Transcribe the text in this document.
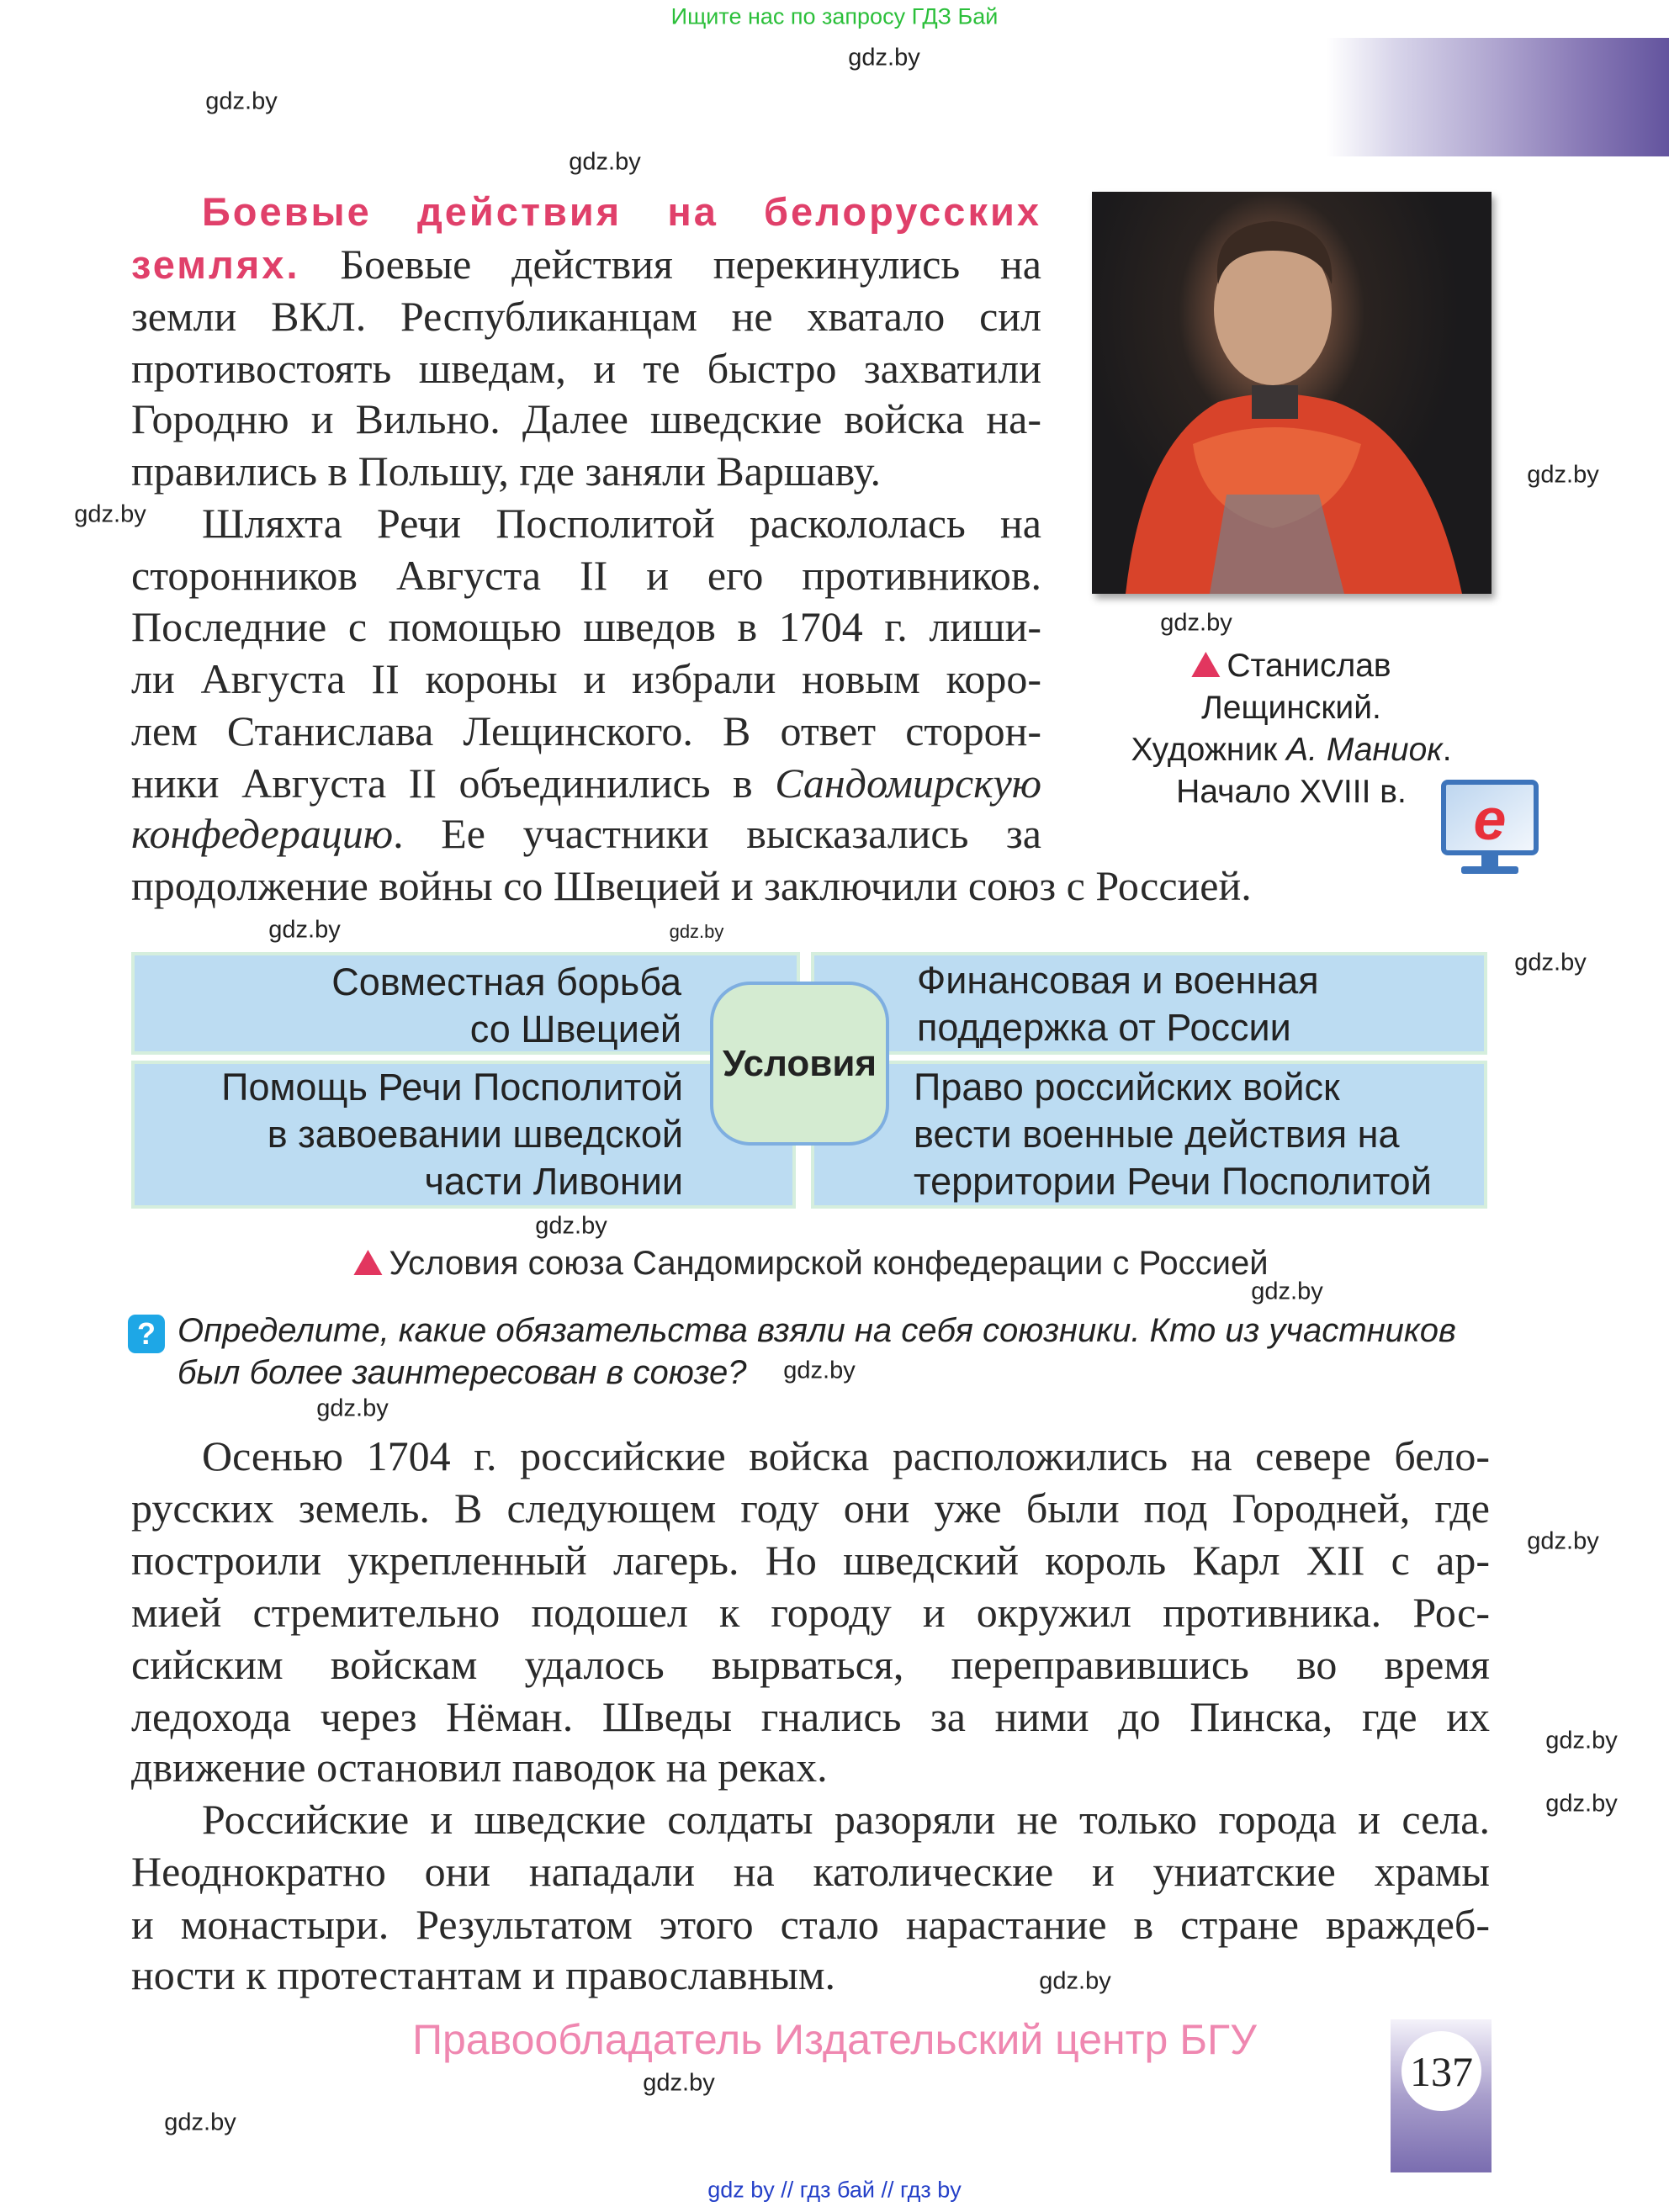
Ищите нас по запросу ГДЗ Бай
gdz.by
gdz.by
gdz.by
gdz.by
gdz.by
gdz.by
gdz.by
gdz.by
gdz.by
gdz.by
gdz.by
gdz.by
gdz.by
gdz.by
gdz.by
gdz.by
gdz.by
gdz.by
gdz.by
Боевые действия на белорусских
землях. Боевые действия перекинулись на
земли ВКЛ. Республиканцам не хватало сил
противостоять шведам, и те быстро захватили
Городню и Вильно. Далее шведские войска на-
правились в Польшу, где заняли Варшаву.
Шляхта Речи Посполитой раскололась на
сторонников Августа II и его противников.
Последние с помощью шведов в 1704 г. лиши-
ли Августа II короны и избрали новым коро-
лем Станислава Лещинского. В ответ сторон-
ники Августа II объединились в Сандомирскую
конфедерацию. Ее участники высказались за
продолжение войны со Швецией и заключили союз с Россией.
Станислав
Лещинский.
Художник А. Маниок.
Начало XVIII в. e
Совместная борьба
со Швецией
Финансовая и военная
поддержка от России
Помощь Речи Посполитой
в завоевании шведской
части Ливонии
Право российских войск
вести военные действия на
территории Речи Посполитой
Условия
Условия союза Сандомирской конфедерации с Россией
? Определите, какие обязательства взяли на себя союзники. Кто из участников
был более заинтересован в союзе?
Осенью 1704 г. российские войска расположились на севере бело-
русских земель. В следующем году они уже были под Городней, где
построили укрепленный лагерь. Но шведский король Карл XII с ар-
мией стремительно подошел к городу и окружил противника. Рос-
сийским войскам удалось вырваться, переправившись во время
ледохода через Нёман. Шведы гнались за ними до Пинска, где их
движение остановил паводок на реках.
Российские и шведские солдаты разоряли не только города и села.
Неоднократно они нападали на католические и униатские храмы
и монастыри. Результатом этого стало нарастание в стране враждеб-
ности к протестантам и православным.
Правообладатель Издательский центр БГУ
137
gdz by // гдз бай // гдз by
